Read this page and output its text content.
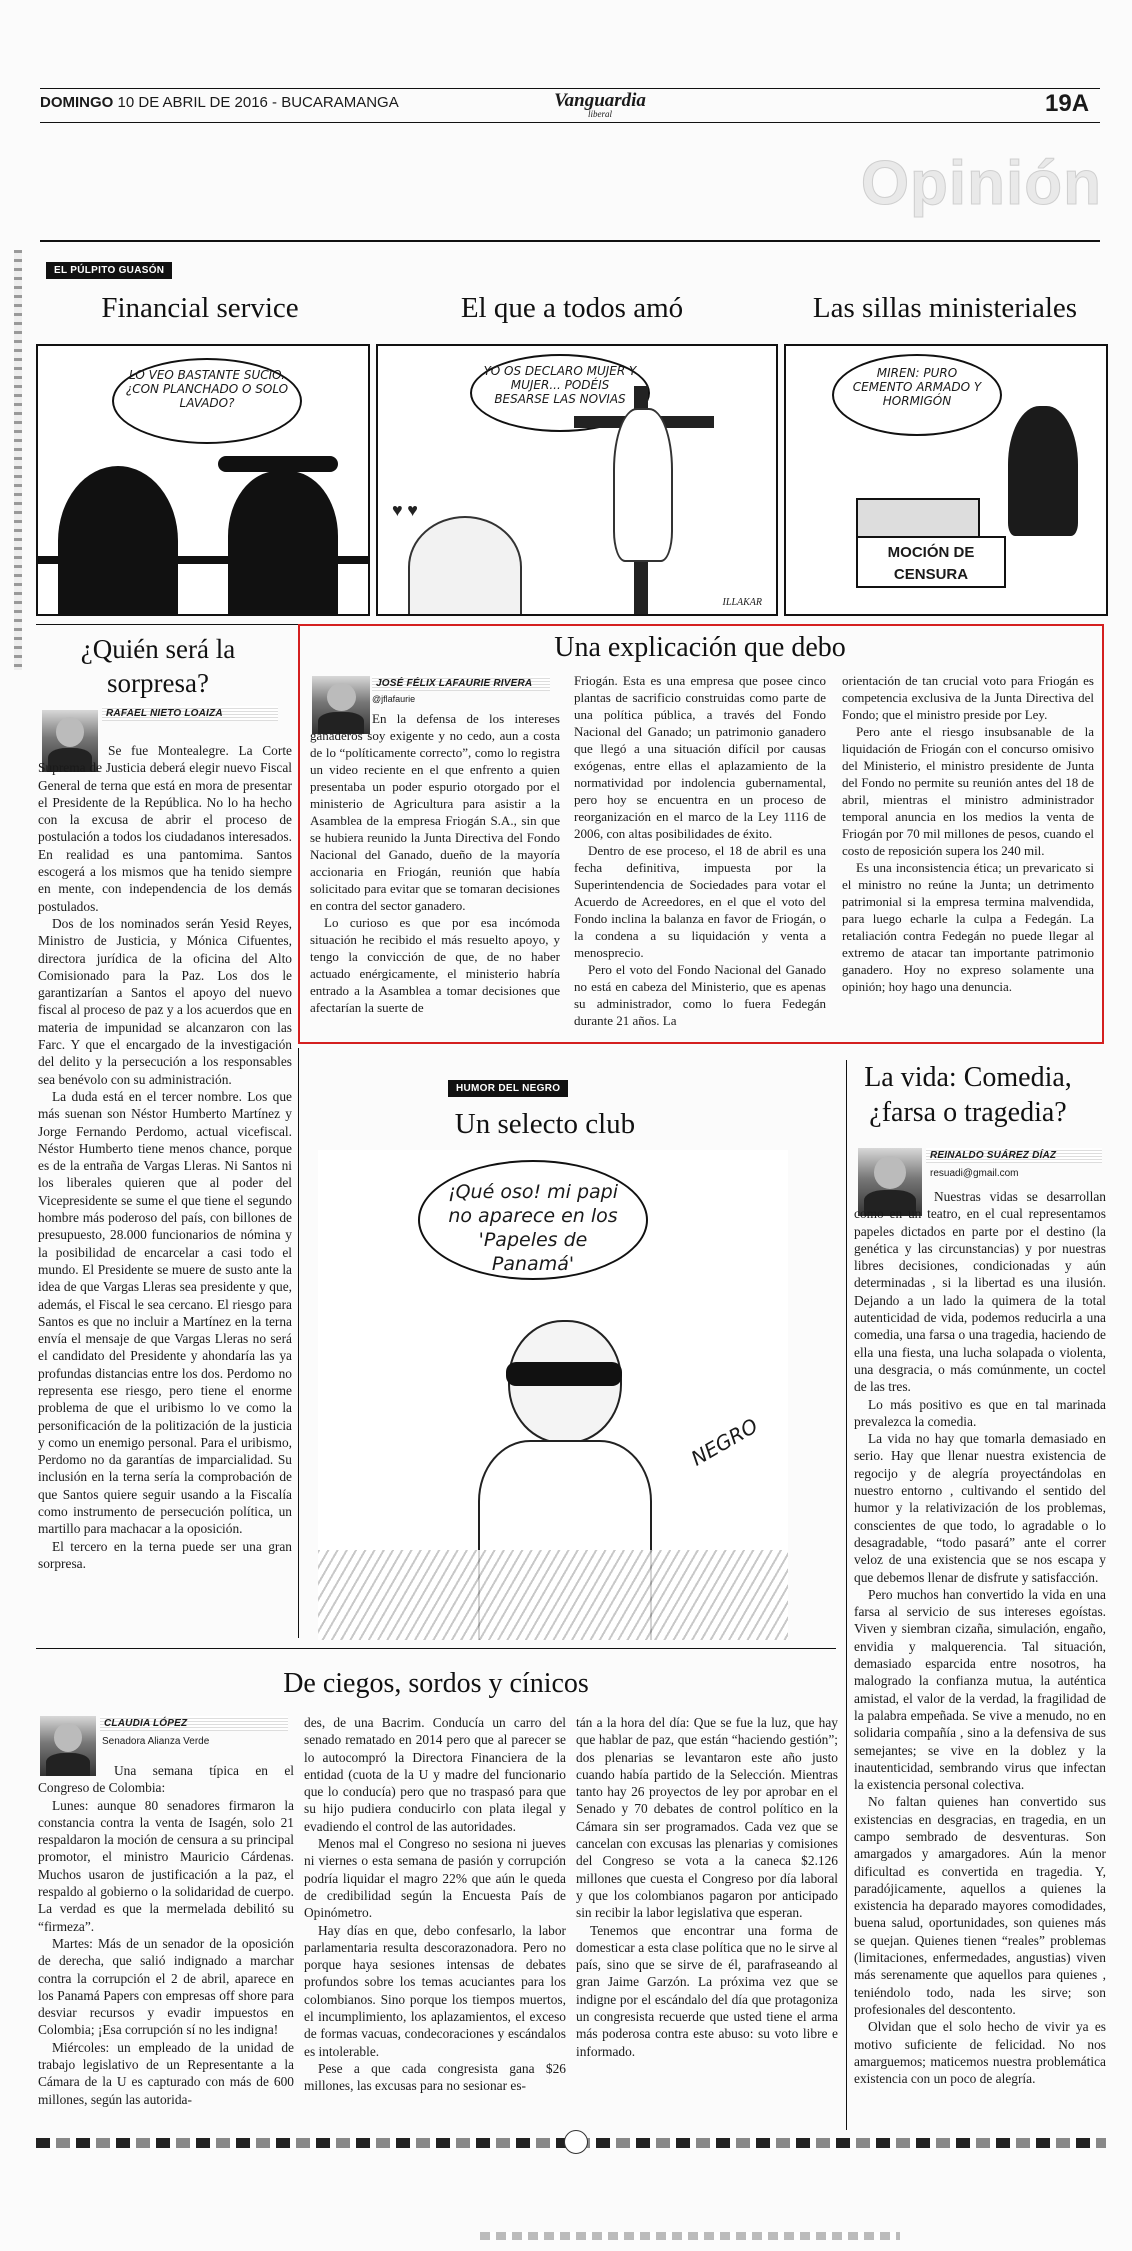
DOMINGO 10 DE ABRIL DE 2016 - BUCARAMANGA	Vanguardia
liberal	19A
Opinión
EL PÚLPITO GUASÓN
Financial service	El que a todos amó	Las sillas ministeriales
LO VEO BASTANTE SUCIO. ¿CON PLANCHADO O SOLO LAVADO?
YO OS DECLARO MUJER Y MUJER... PODÉIS BESARSE LAS NOVIAS
♥ ♥
ILLAKAR
MIREN: PURO CEMENTO ARMADO Y HORMIGÓN
MOCIÓN DE CENSURA
¿Quién será la sorpresa?
RAFAEL NIETO LOAIZA

Se fue Montealegre. La Corte Suprema de Justicia deberá elegir nuevo Fiscal General de terna que está en mora de presentar el Presidente de la República. No lo ha hecho con la excusa de abrir el proceso de postulación a todos los ciudadanos interesados. En realidad es una pantomima. Santos escogerá a los mismos que ha tenido siempre en mente, con independencia de los demás postulados.

Dos de los nominados serán Yesid Reyes, Ministro de Justicia, y Mónica Cifuentes, directora jurídica de la oficina del Alto Comisionado para la Paz. Los dos le garantizarían a Santos el apoyo del nuevo fiscal al proceso de paz y a los acuerdos que en materia de impunidad se alcanzaron con las Farc. Y que el encargado de la investigación del delito y la persecución a los responsables sea benévolo con su administración.

La duda está en el tercer nombre. Los que más suenan son Néstor Humberto Martínez y Jorge Fernando Perdomo, actual vicefiscal. Néstor Humberto tiene menos chance, porque es de la entraña de Vargas Lleras. Ni Santos ni los liberales quieren que al poder del Vicepresidente se sume el que tiene el segundo hombre más poderoso del país, con billones de presupuesto, 28.000 funcionarios de nómina y la posibilidad de encarcelar a casi todo el mundo. El Presidente se muere de susto ante la idea de que Vargas Lleras sea presidente y que, además, el Fiscal le sea cercano. El riesgo para Santos es que no incluir a Martínez en la terna envía el mensaje de que Vargas Lleras no será el candidato del Presidente y ahondaría las ya profundas distancias entre los dos. Perdomo no representa ese riesgo, pero tiene el enorme problema de que el uribismo lo ve como la personificación de la politización de la justicia y como un enemigo personal. Para el uribismo, Perdomo no da garantías de imparcialidad. Su inclusión en la terna sería la comprobación de que Santos quiere seguir usando a la Fiscalía como instrumento de persecución política, un martillo para machacar a la oposición.

El tercero en la terna puede ser una gran sorpresa.

Una explicación que debo
JOSÉ FÉLIX LAFAURIE RIVERA
@jflafaurie

En la defensa de los intereses ganaderos soy exigente y no cedo, aun a costa de lo “políticamente correcto”, como lo registra un video reciente en el que enfrento a quien presentaba un poder espurio otorgado por el ministerio de Agricultura para asistir a la Asamblea de la empresa Friogán S.A., sin que se hubiera reunido la Junta Directiva del Fondo Nacional del Ganado, dueño de la mayoría accionaria en Friogán, reunión que había solicitado para evitar que se tomaran decisiones en contra del sector ganadero.

Lo curioso es que por esa incómoda situación he recibido el más resuelto apoyo, y tengo la convicción de que, de no haber actuado enérgicamente, el ministerio habría entrado a la Asamblea a tomar decisiones que afectarían la suerte de

Friogán. Esta es una empresa que posee cinco plantas de sacrificio construidas como parte de una política pública, a través del Fondo Nacional del Ganado; un patrimonio ganadero que llegó a una situación difícil por causas exógenas, entre ellas el aplazamiento de la normatividad por indolencia gubernamental, pero hoy se encuentra en un proceso de reorganización en el marco de la Ley 1116 de 2006, con altas posibilidades de éxito.

Dentro de ese proceso, el 18 de abril es una fecha definitiva, impuesta por la Superintendencia de Sociedades para votar el Acuerdo de Acreedores, en el que el voto del Fondo inclina la balanza en favor de Friogán, o la condena a su liquidación y venta a menosprecio.

Pero el voto del Fondo Nacional del Ganado no está en cabeza del Ministerio, que es apenas su administrador, como lo fuera Fedegán durante 21 años. La

orientación de tan crucial voto para Friogán es competencia exclusiva de la Junta Directiva del Fondo; que el ministro preside por Ley.

Pero ante el riesgo insubsanable de la liquidación de Friogán con el concurso omisivo del Ministerio, el ministro presidente de Junta del Fondo no permite su reunión antes del 18 de abril, mientras el ministro administrador temporal anuncia en los medios la venta de Friogán por 70 mil millones de pesos, cuando el costo de reposición supera los 240 mil.

Es una inconsistencia ética; un prevaricato si el ministro no reúne la Junta; un detrimento patrimonial si la empresa termina malvendida, para luego echarle la culpa a Fedegán. La retaliación contra Fedegán no puede llegar al extremo de atacar tan importante patrimonio ganadero. Hoy no expreso solamente una opinión; hoy hago una denuncia.

HUMOR DEL NEGRO
Un selecto club
¡Qué oso! mi papi no aparece en los 'Papeles de Panamá'
NEGRO
La vida: Comedia, ¿farsa o tragedia?
REINALDO SUÁREZ DÍAZ
resuadi@gmail.com

Nuestras vidas se desarrollan como en un teatro, en el cual representamos papeles dictados en parte por el destino (la genética y las circunstancias) y por nuestras libres decisiones, condicionadas y aún determinadas , si la libertad es una ilusión. Dejando a un lado la quimera de la total autenticidad de vida, podemos reducirla a una comedia, una farsa o una tragedia, haciendo de ella una fiesta, una lucha solapada o violenta, una desgracia, o más comúnmente, un coctel de las tres.

Lo más positivo es que en tal marinada prevalezca la comedia.

La vida no hay que tomarla demasiado en serio. Hay que llenar nuestra existencia de regocijo y de alegría proyectándolas en nuestro entorno , cultivando el sentido del humor y la relativización de los problemas, conscientes de que todo, lo agradable o lo desagradable, “todo pasará” ante el correr veloz de una existencia que se nos escapa y que debemos llenar de disfrute y satisfacción.

Pero muchos han convertido la vida en una farsa al servicio de sus intereses egoístas. Viven y siembran cizaña, simulación, engaño, envidia y malquerencia. Tal situación, demasiado esparcida entre nosotros, ha malogrado la confianza mutua, la auténtica amistad, el valor de la verdad, la fragilidad de la palabra empeñada. Se vive a menudo, no en solidaria compañía , sino a la defensiva de sus semejantes; se vive en la doblez y la inautenticidad, sembrando virus que infectan la existencia personal colectiva.

No faltan quienes han convertido sus existencias en desgracias, en tragedia, en un campo sembrado de desventuras. Son amargados y amargadores. Aún la menor dificultad es convertida en tragedia. Y, paradójicamente, aquellos a quienes la existencia ha deparado mayores comodidades, buena salud, oportunidades, son quienes más se quejan. Quienes tienen “reales” problemas (limitaciones, enfermedades, angustias) viven más serenamente que aquellos para quienes , teniéndolo todo, nada les sirve; son profesionales del descontento.

Olvidan que el solo hecho de vivir ya es motivo suficiente de felicidad. No nos amarguemos; maticemos nuestra problemática existencia con un poco de alegría.

De ciegos, sordos y cínicos
CLAUDIA LÓPEZ
Senadora Alianza Verde

Una semana típica en el Congreso de Colombia:

Lunes: aunque 80 senadores firmaron la constancia contra la venta de Isagén, solo 21 respaldaron la moción de censura a su principal promotor, el ministro Mauricio Cárdenas. Muchos usaron de justificación a la paz, el respaldo al gobierno o la solidaridad de cuerpo. La verdad es que la mermelada debilitó su “firmeza”.

Martes: Más de un senador de la oposición de derecha, que salió indignado a marchar contra la corrupción el 2 de abril, aparece en los Panamá Papers con empresas off shore para desviar recursos y evadir impuestos en Colombia; ¡Esa corrupción sí no les indigna!

Miércoles: un empleado de la unidad de trabajo legislativo de un Representante a la Cámara de la U es capturado con más de 600 millones, según las autorida-

des, de una Bacrim. Conducía un carro del senado rematado en 2014 pero que al parecer se lo autocompró la Directora Financiera de la entidad (cuota de la U y madre del funcionario que lo conducía) pero que no traspasó para que su hijo pudiera conducirlo con plata ilegal y evadiendo el control de las autoridades.

Menos mal el Congreso no sesiona ni jueves ni viernes o esta semana de pasión y corrupción podría liquidar el magro 22% que aún le queda de credibilidad según la Encuesta País de Opinómetro.

Hay días en que, debo confesarlo, la labor parlamentaria resulta descorazonadora. Pero no porque haya sesiones intensas de debates profundos sobre los temas acuciantes para los colombianos. Sino porque los tiempos muertos, el incumplimiento, los aplazamientos, el exceso de formas vacuas, condecoraciones y escándalos es intolerable.

Pese a que cada congresista gana $26 millones, las excusas para no sesionar es-

tán a la hora del día: Que se fue la luz, que hay que hablar de paz, que están “haciendo gestión”; dos plenarias se levantaron este año justo cuando había partido de la Selección. Mientras tanto hay 26 proyectos de ley por aprobar en el Senado y 70 debates de control político en la Cámara sin ser programados. Cada vez que se cancelan con excusas las plenarias y comisiones del Congreso se vota a la caneca $2.126 millones que cuesta el Congreso por día laboral y que los colombianos pagaron por anticipado sin recibir la labor legislativa que esperan.

Tenemos que encontrar una forma de domesticar a esta clase política que no le sirve al país, sino que se sirve de él, parafraseando al gran Jaime Garzón. La próxima vez que se indigne por el escándalo del día que protagoniza un congresista recuerde que usted tiene el arma más poderosa contra este abuso: su voto libre e informado.
